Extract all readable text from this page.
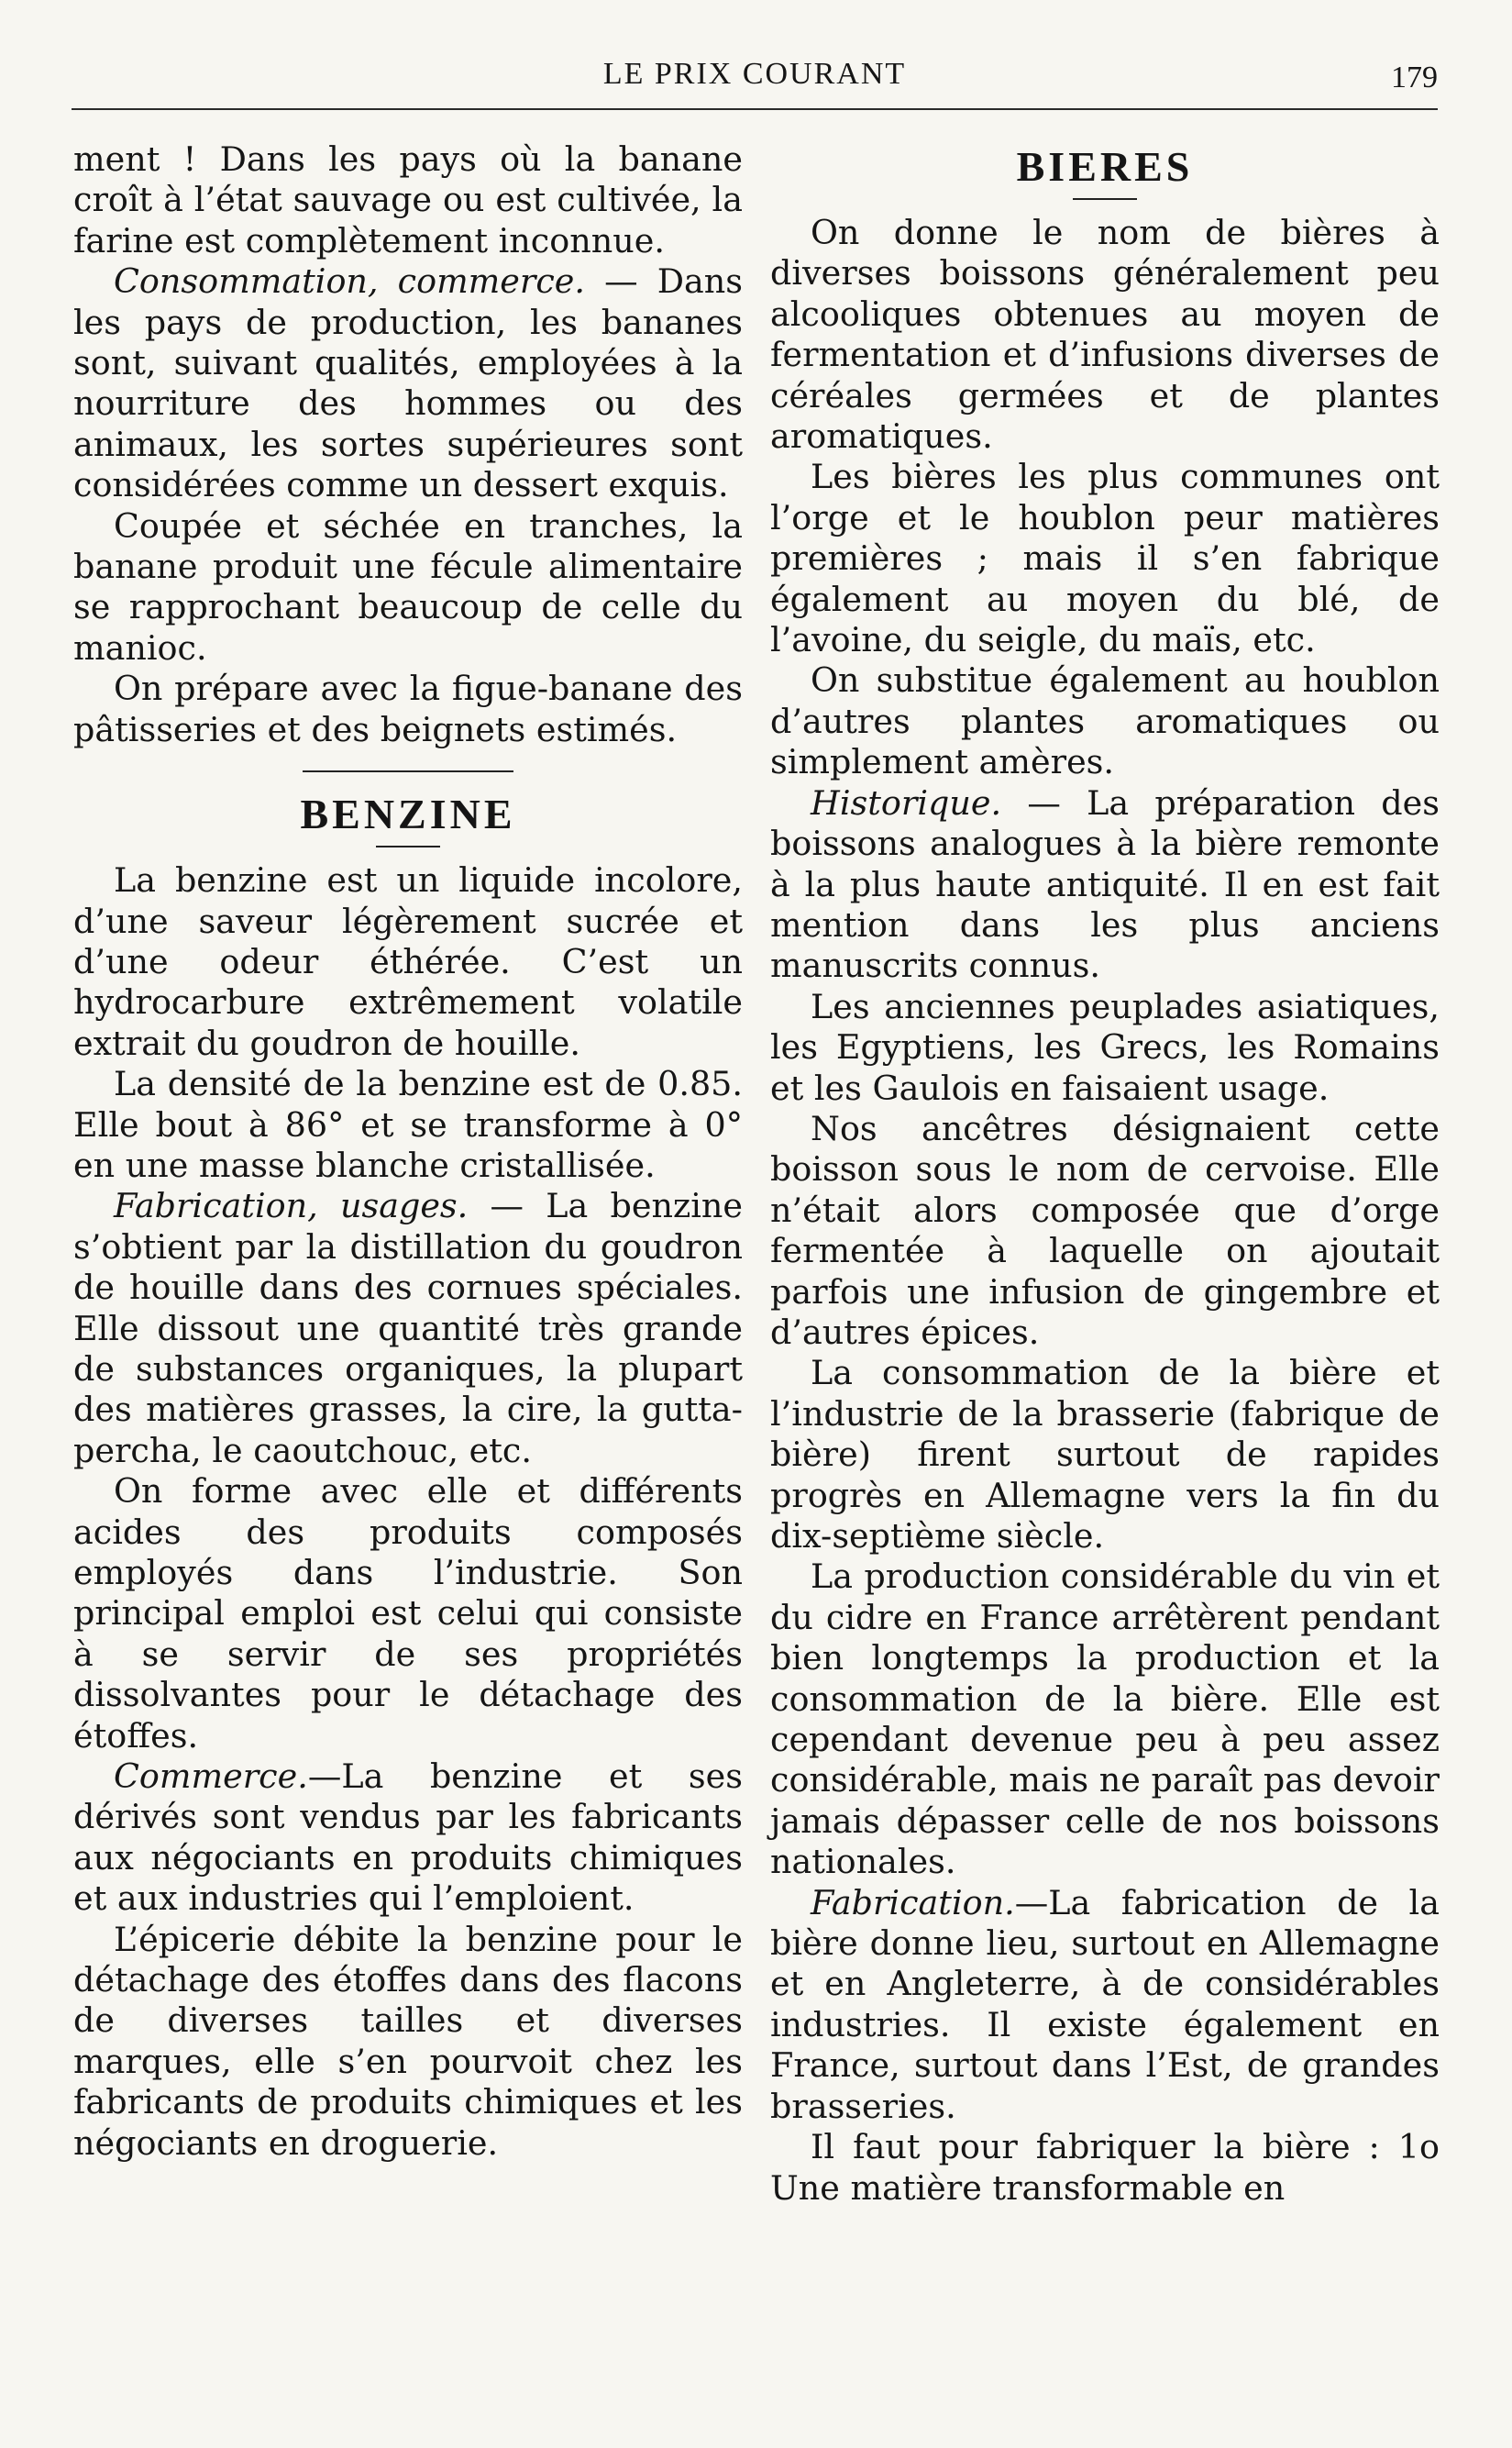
LE PRIX COURANT	179

ment ! Dans les pays où la banane croît à l’état sauvage ou est cultivée, la farine est complètement inconnue.

Consommation, commerce. — Dans les pays de production, les bananes sont, suivant qualités, employées à la nourriture des hommes ou des animaux, les sortes supérieures sont considérées comme un dessert exquis.

Coupée et séchée en tranches, la banane produit une fécule alimentaire se rapprochant beaucoup de celle du manioc.

On prépare avec la figue-banane des pâtisseries et des beignets estimés.

BENZINE

La benzine est un liquide incolore, d’une saveur légèrement sucrée et d’une odeur éthérée. C’est un hydrocarbure extrêmement volatile extrait du goudron de houille.

La densité de la benzine est de 0.85. Elle bout à 86° et se transforme à 0° en une masse blanche cristallisée.

Fabrication, usages. — La benzine s’obtient par la distillation du goudron de houille dans des cornues spéciales. Elle dissout une quantité très grande de substances organiques, la plupart des matières grasses, la cire, la gutta-percha, le caoutchouc, etc.

On forme avec elle et différents acides des produits composés employés dans l’industrie. Son principal emploi est celui qui consiste à se servir de ses propriétés dissolvantes pour le détachage des étoffes.

Commerce.—La benzine et ses dérivés sont vendus par les fabricants aux négociants en produits chimiques et aux industries qui l’emploient.

L’épicerie débite la benzine pour le détachage des étoffes dans des flacons de diverses tailles et diverses marques, elle s’en pourvoit chez les fabricants de produits chimiques et les négociants en droguerie.

BIERES

On donne le nom de bières à diverses boissons généralement peu alcooliques obtenues au moyen de fermentation et d’infusions diverses de céréales germées et de plantes aromatiques.

Les bières les plus communes ont l’orge et le houblon peur matières premières ; mais il s’en fabrique également au moyen du blé, de l’avoine, du seigle, du maïs, etc.

On substitue également au houblon d’autres plantes aromatiques ou simplement amères.

Historique. — La préparation des boissons analogues à la bière remonte à la plus haute antiquité. Il en est fait mention dans les plus anciens manuscrits connus.

Les anciennes peuplades asiatiques, les Egyptiens, les Grecs, les Romains et les Gaulois en faisaient usage.

Nos ancêtres désignaient cette boisson sous le nom de cervoise. Elle n’était alors composée que d’orge fermentée à laquelle on ajoutait parfois une infusion de gingembre et d’autres épices.

La consommation de la bière et l’industrie de la brasserie (fabrique de bière) firent surtout de rapides progrès en Allemagne vers la fin du dix-septième siècle.

La production considérable du vin et du cidre en France arrêtèrent pendant bien longtemps la production et la consommation de la bière. Elle est cependant devenue peu à peu assez considérable, mais ne paraît pas devoir jamais dépasser celle de nos boissons nationales.

Fabrication.—La fabrication de la bière donne lieu, surtout en Allemagne et en Angleterre, à de considérables industries. Il existe également en France, surtout dans l’Est, de grandes brasseries.

Il faut pour fabriquer la bière : 1o Une matière transformable en
